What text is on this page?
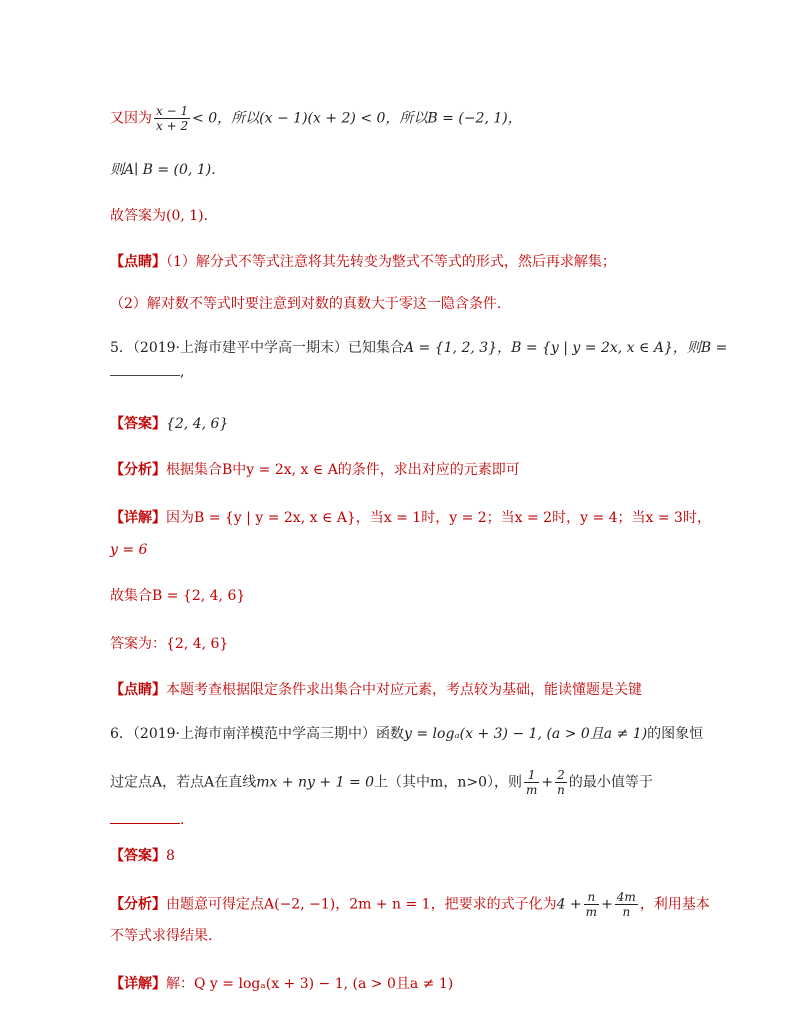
又因为 $\frac{x - 1}{x + 2} < 0$，所以(x − 1)(x + 2) < 0，所以B = (−2, 1)，
则A∣ B = (0, 1).
故答案为(0, 1).
【点睛】（1）解分式不等式注意将其先转变为整式不等式的形式，然后再求解集；
（2）解对数不等式时要注意到对数的真数大于零这一隐含条件.
5．（2019·上海市建平中学高一期末）已知集合A = {1, 2, 3}，B = {y | y = 2x, x ∈ A}，则B =
,
【答案】{2, 4, 6}
【分析】根据集合B中y = 2x, x ∈ A的条件，求出对应的元素即可
【详解】因为B = {y | y = 2x, x ∈ A}，当x = 1时，y = 2；当x = 2时，y = 4；当x = 3时，
y = 6
故集合B = {2, 4, 6}
答案为：{2, 4, 6}
【点睛】本题考查根据限定条件求出集合中对应元素，考点较为基础，能读懂题是关键
6．（2019·上海市南洋模范中学高三期中）函数y = logₐ(x + 3) − 1, (a > 0且a ≠ 1)的图象恒
过定点A，若点A在直线mx + ny + 1 = 0上（其中m，n>0），则 $\frac{1}{m} + \frac{2}{n}$ 的最小值等于
.
【答案】8
【分析】由题意可得定点A(−2, −1)，2m + n = 1，把要求的式子化为$4 + \frac{n}{m} + \frac{4m}{n}$ ，利用基本
不等式求得结果.
【详解】解：Q y = logₐ(x + 3) − 1, (a > 0且a ≠ 1)
